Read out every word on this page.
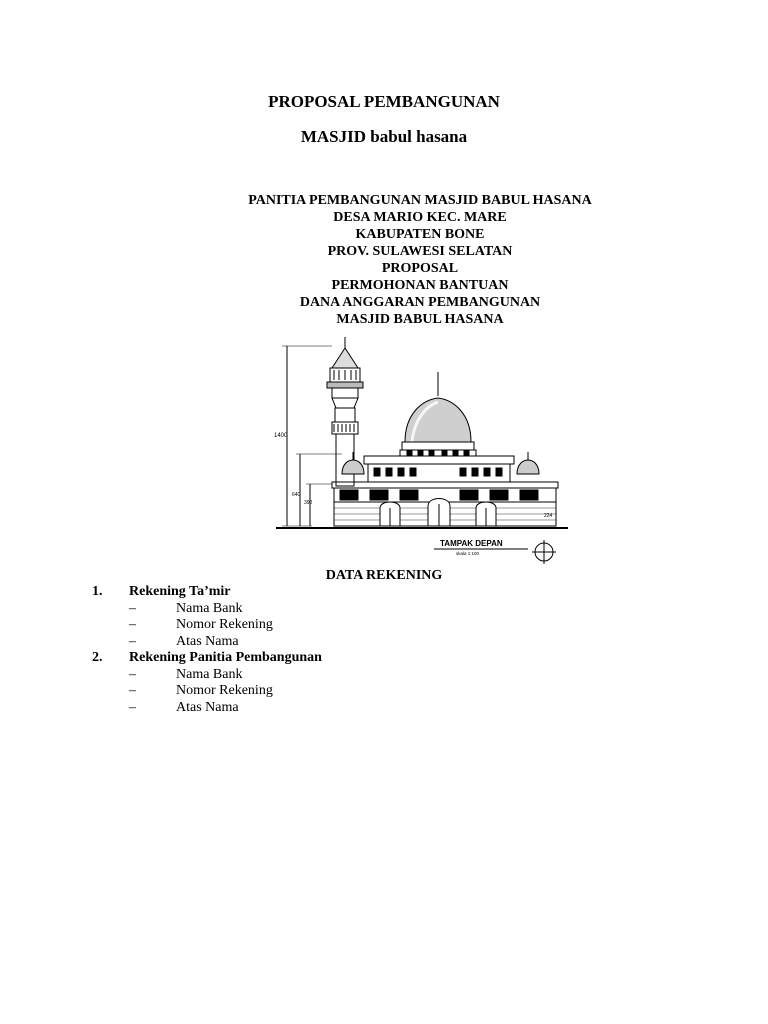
PROPOSAL PEMBANGUNAN
MASJID babul hasana
PANITIA PEMBANGUNAN MASJID BABUL HASANA
DESA MARIO KEC. MARE
KABUPATEN BONE
PROV. SULAWESI SELATAN
PROPOSAL
PERMOHONAN BANTUAN
DANA ANGGARAN PEMBANGUNAN
MASJID BABUL HASANA
1400
640
390
224
TAMPAK DEPAN
skala 1:100
DATA REKENING
1.	Rekening Ta’mir
–	Nama Bank
–	Nomor Rekening
–	Atas Nama
2.	Rekening Panitia Pembangunan
–	Nama Bank
–	Nomor Rekening
–	Atas Nama
